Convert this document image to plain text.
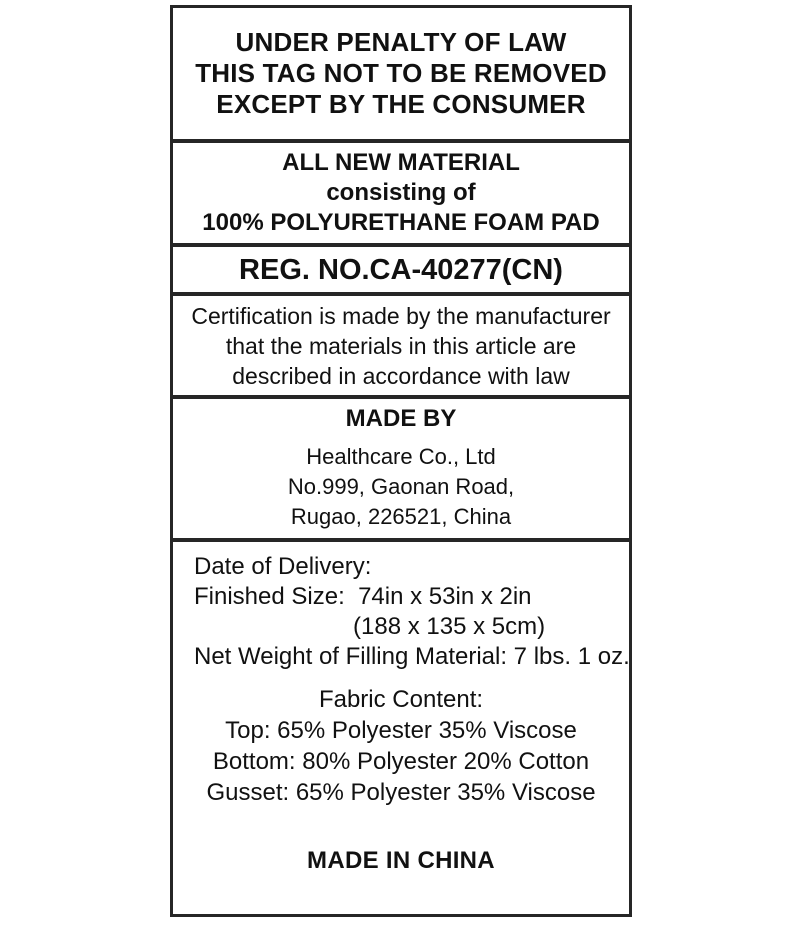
UNDER PENALTY OF LAW
THIS TAG NOT TO BE REMOVED
EXCEPT BY THE CONSUMER
ALL NEW MATERIAL
consisting of
100% POLYURETHANE FOAM PAD
REG. NO.CA-40277(CN)
Certification is made by the manufacturer
that the materials in this article are
described in accordance with law
MADE BY
Healthcare Co., Ltd
No.999, Gaonan Road,
Rugao, 226521, China
Date of Delivery:
Finished Size:  74in x 53in x 2in
(188 x 135 x 5cm)
Net Weight of Filling Material: 7 lbs. 1 oz.
Fabric Content:
Top: 65% Polyester 35% Viscose
Bottom: 80% Polyester 20% Cotton
Gusset: 65% Polyester 35% Viscose
MADE IN CHINA
